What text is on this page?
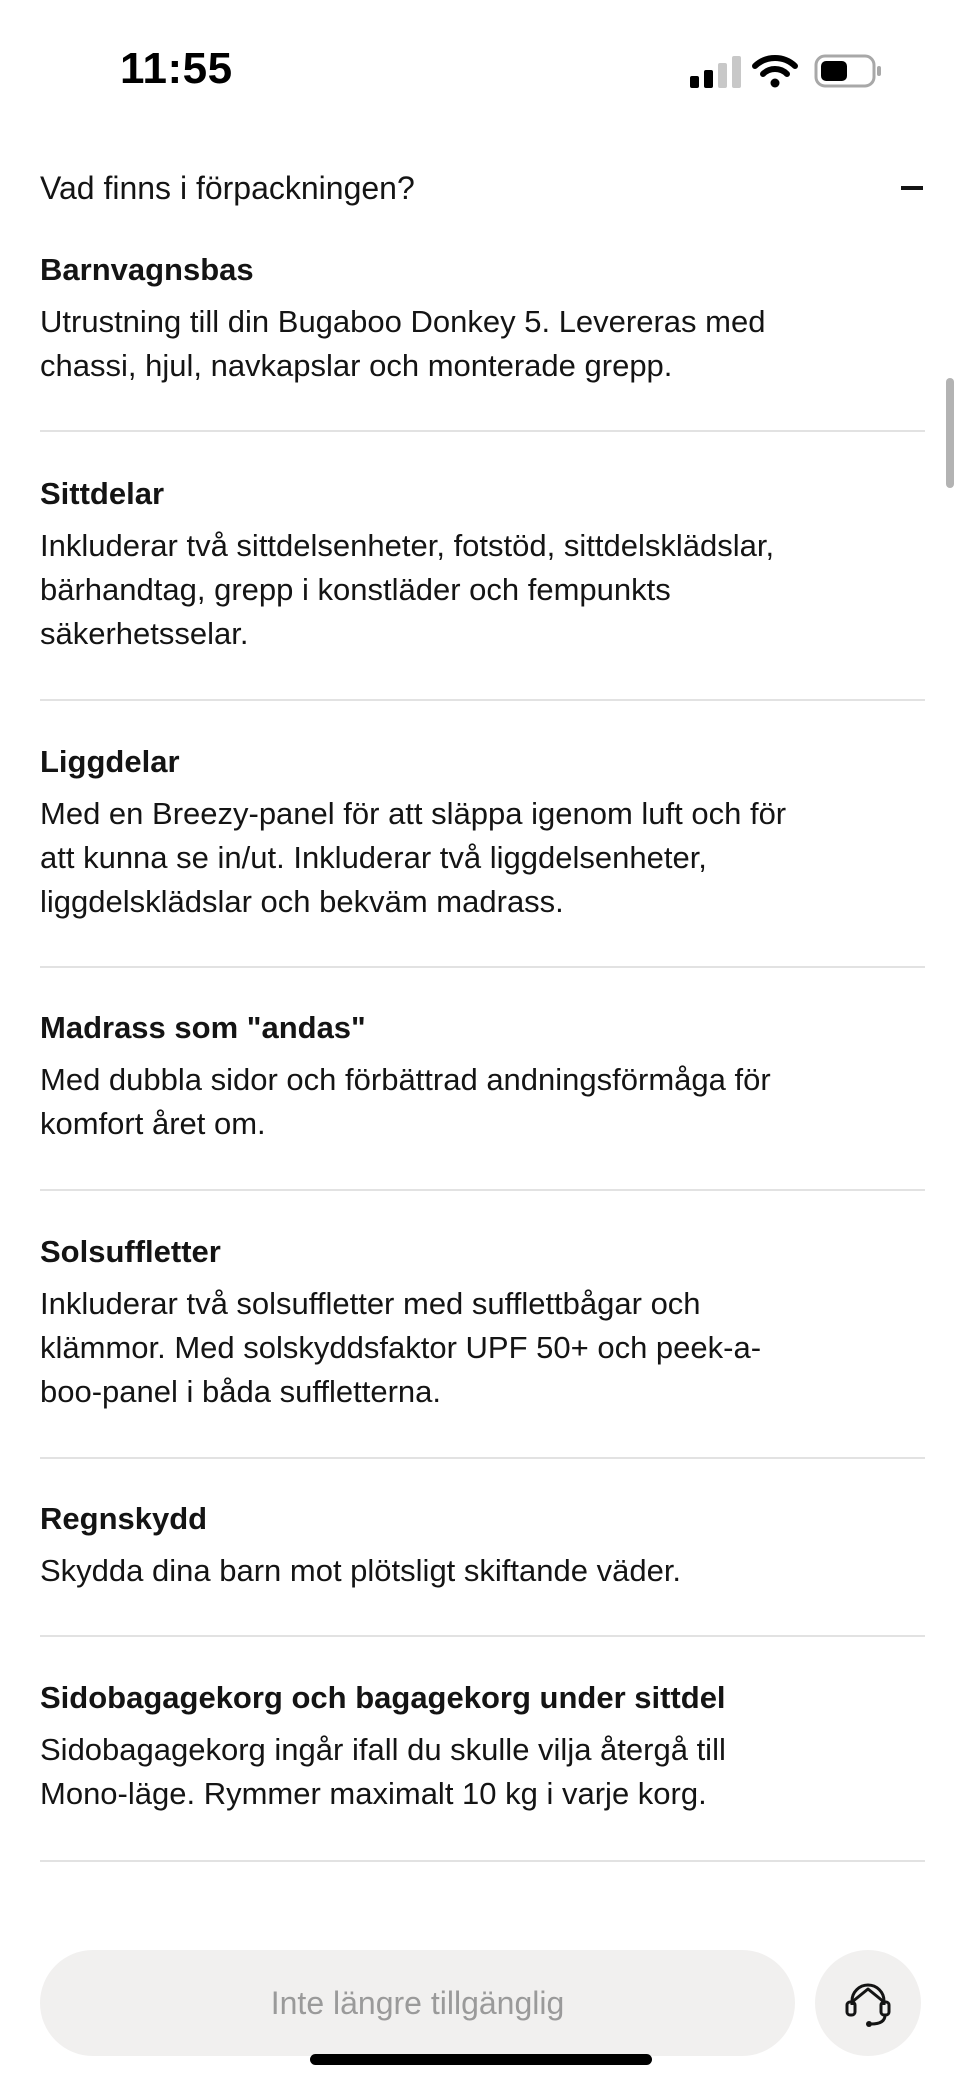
11:55
Vad finns i förpackningen?
Barnvagnsbas
Utrustning till din Bugaboo Donkey 5. Levereras med
chassi, hjul, navkapslar och monterade grepp.
Sittdelar
Inkluderar två sittdelsenheter, fotstöd, sittdelsklädslar,
bärhandtag, grepp i konstläder och fempunkts
säkerhetsselar.
Liggdelar
Med en Breezy-panel för att släppa igenom luft och för
att kunna se in/ut. Inkluderar två liggdelsenheter,
liggdelsklädslar och bekväm madrass.
Madrass som "andas"
Med dubbla sidor och förbättrad andningsförmåga för
komfort året om.
Solsuffletter
Inkluderar två solsuffletter med sufflettbågar och
klämmor. Med solskyddsfaktor UPF 50+ och peek-a-
boo-panel i båda suffletterna.
Regnskydd
Skydda dina barn mot plötsligt skiftande väder.
Sidobagagekorg och bagagekorg under sittdel
Sidobagagekorg ingår ifall du skulle vilja återgå till
Mono-läge. Rymmer maximalt 10 kg i varje korg.
Inte längre tillgänglig
